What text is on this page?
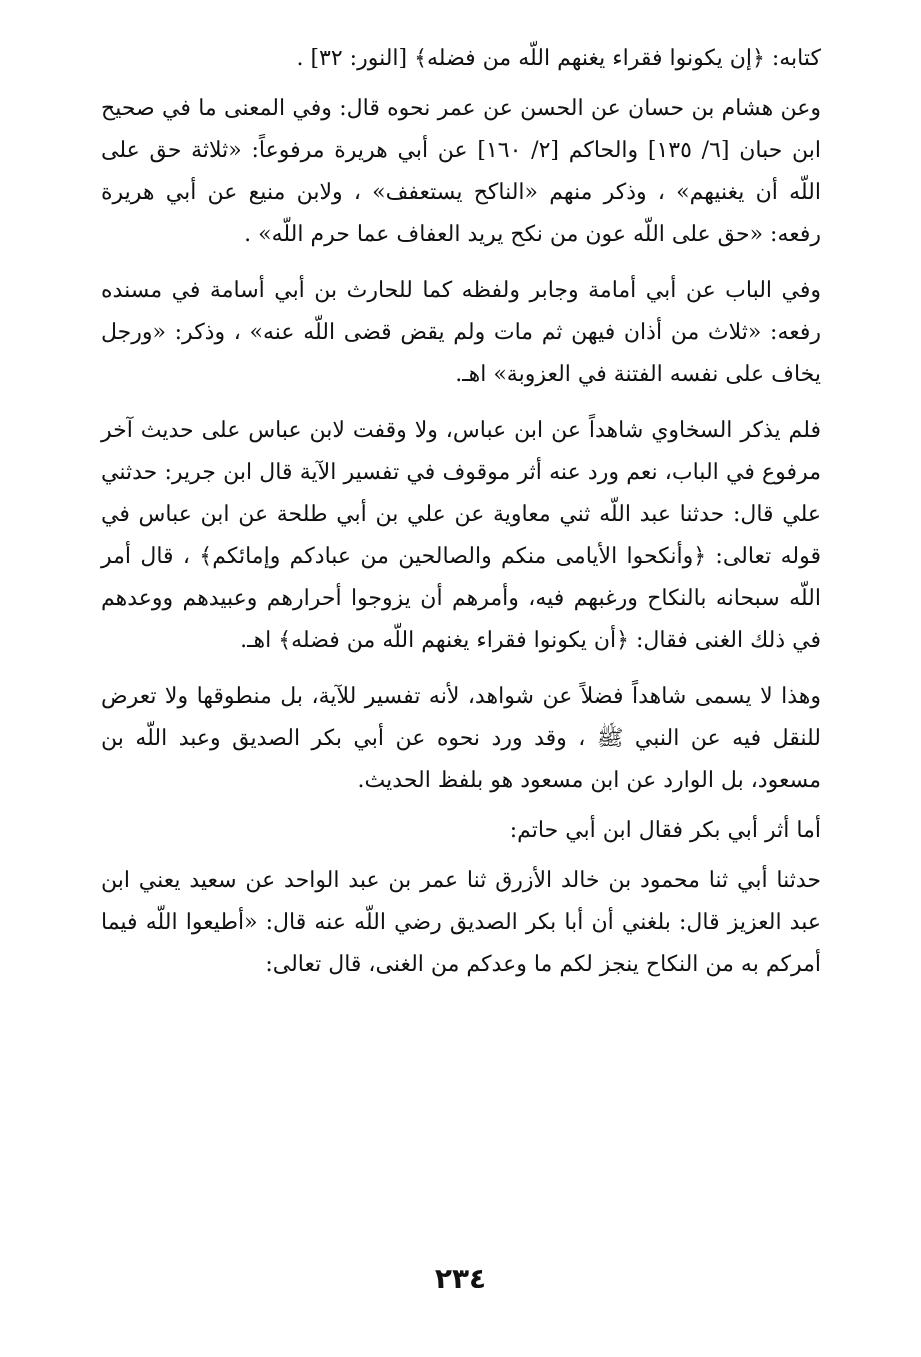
كتابه: ﴿إن يكونوا فقراء يغنهم اللّه من فضله﴾ [النور: ٣٢] .

وعن هشام بن حسان عن الحسن عن عمر نحوه قال: وفي المعنى ما في صحيح ابن حبان [٦/ ١٣٥] والحاكم [٢/ ١٦٠] عن أبي هريرة مرفوعاً: «ثلاثة حق على اللّه أن يغنيهم» ، وذكر منهم «الناكح يستعفف» ، ولابن منيع عن أبي هريرة رفعه: «حق على اللّه عون من نكح يريد العفاف عما حرم اللّه» .

وفي الباب عن أبي أمامة وجابر ولفظه كما للحارث بن أبي أسامة في مسنده رفعه: «ثلاث من أذان فيهن ثم مات ولم يقض قضى اللّه عنه» ، وذكر: «ورجل يخاف على نفسه الفتنة في العزوبة» اهـ.

فلم يذكر السخاوي شاهداً عن ابن عباس، ولا وقفت لابن عباس على حديث آخر مرفوع في الباب، نعم ورد عنه أثر موقوف في تفسير الآية قال ابن جرير: حدثني علي قال: حدثنا عبد اللّه ثني معاوية عن علي بن أبي طلحة عن ابن عباس في قوله تعالى: ﴿وأنكحوا الأيامى منكم والصالحين من عبادكم وإمائكم﴾ ، قال أمر اللّه سبحانه بالنكاح ورغبهم فيه، وأمرهم أن يزوجوا أحرارهم وعبيدهم ووعدهم في ذلك الغنى فقال: ﴿أن يكونوا فقراء يغنهم اللّه من فضله﴾ اهـ.

وهذا لا يسمى شاهداً فضلاً عن شواهد، لأنه تفسير للآية، بل منطوقها ولا تعرض للنقل فيه عن النبي ﷺ ، وقد ورد نحوه عن أبي بكر الصديق وعبد اللّه بن مسعود، بل الوارد عن ابن مسعود هو بلفظ الحديث.

أما أثر أبي بكر فقال ابن أبي حاتم:

حدثنا أبي ثنا محمود بن خالد الأزرق ثنا عمر بن عبد الواحد عن سعيد يعني ابن عبد العزيز قال: بلغني أن أبا بكر الصديق رضي اللّه عنه قال: «أطيعوا اللّه فيما أمركم به من النكاح ينجز لكم ما وعدكم من الغنى، قال تعالى:

٢٣٤
